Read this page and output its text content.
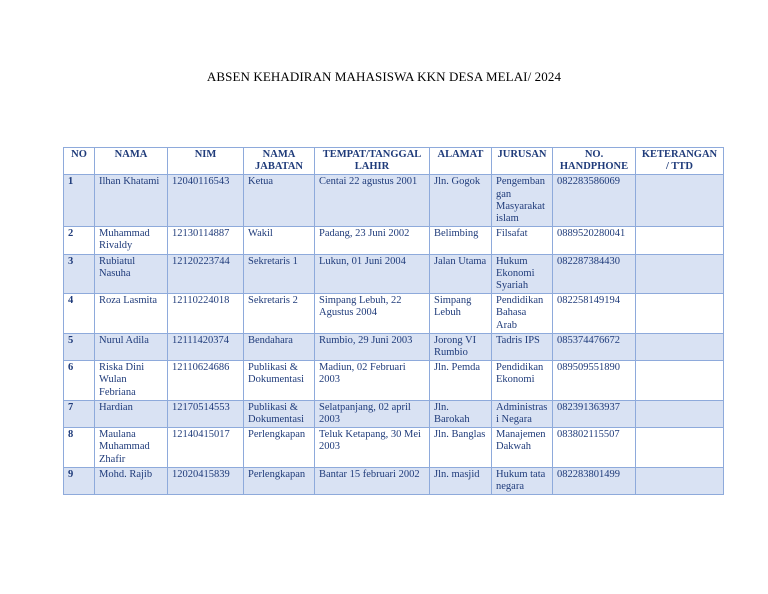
ABSEN KEHADIRAN MAHASISWA KKN DESA MELAI/ 2024
NO	NAMA	NIM	NAMA JABATAN	TEMPAT/TANGGAL LAHIR	ALAMAT	JURUSAN	NO. HANDPHONE	KETERANGAN / TTD
1	Ilhan Khatami	12040116543	Ketua	Centai 22 agustus 2001	Jln. Gogok	Pengembangan Masyarakat islam	082283586069	
2	Muhammad Rivaldy	12130114887	Wakil	Padang, 23 Juni 2002	Belimbing	Filsafat	0889520280041	
3	Rubiatul Nasuha	12120223744	Sekretaris 1	Lukun, 01 Juni 2004	Jalan Utama	Hukum Ekonomi Syariah	082287384430	
4	Roza Lasmita	12110224018	Sekretaris 2	Simpang Lebuh, 22 Agustus 2004	Simpang Lebuh	Pendidikan Bahasa Arab	082258149194	
5	Nurul Adila	12111420374	Bendahara	Rumbio, 29 Juni 2003	Jorong VI Rumbio	Tadris IPS	085374476672	
6	Riska Dini Wulan Febriana	12110624686	Publikasi & Dokumentasi	Madiun, 02 Februari 2003	Jln. Pemda	Pendidikan Ekonomi	089509551890	
7	Hardian	12170514553	Publikasi & Dokumentasi	Selatpanjang, 02 april 2003	Jln. Barokah	Administrasi Negara	082391363937	
8	Maulana Muhammad Zhafir	12140415017	Perlengkapan	Teluk Ketapang, 30 Mei 2003	Jln. Banglas	Manajemen Dakwah	083802115507	
9	Mohd. Rajib	12020415839	Perlengkapan	Bantar 15 februari 2002	Jln. masjid	Hukum tata negara	082283801499	
